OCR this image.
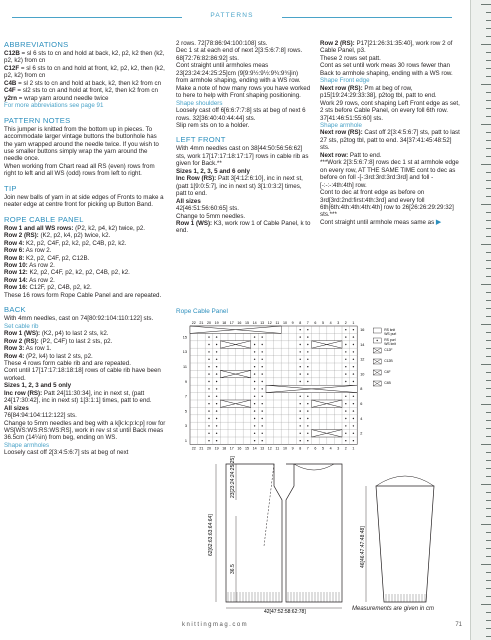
PATTERNS
ABBREVIATIONS

C12B = sl 6 sts to cn and hold at back, k2, p2, k2 then (k2, p2, k2) from cn

C12F = sl 6 sts to cn and hold at front, k2, p2, k2, then (k2, p2, k2) from cn

C4B = sl 2 sts to cn and hold at back, k2, then k2 from cn

C4F = sl2 sts to cn and hold at front, k2, then k2 from cn

y2rn = wrap yarn around needle twice

For more abbreviations see page 91

PATTERN NOTES

This jumper is knitted from the bottom up in pieces. To accommodate larger vintage buttons the buttonhole has the yarn wrapped around the needle twice. If you wish to use smaller buttons simply wrap the yarn around the needle once.

When working from Chart read all RS (even) rows from right to left and all WS (odd) rows from left to right.

TIP

Join new balls of yarn in at side edges of Fronts to make a neater edge at centre front for picking up Button Band.

ROPE CABLE PANEL

Row 1 and all WS rows: (P2, k2, p4, k2) twice, p2.

Row 2 (RS): (K2, p2, k4, p2) twice, k2.

Row 4: K2, p2, C4F, p2, k2, p2, C4B, p2, k2.

Row 6: As row 2.

Row 8: K2, p2, C4F, p2, C12B.

Row 10: As row 2.

Row 12: K2, p2, C4F, p2, k2, p2, C4B, p2, k2.

Row 14: As row 2.

Row 16: C12F, p2, C4B, p2, k2.

These 16 rows form Rope Cable Panel and are repeated.

BACK

With 4mm needles, cast on 74[80:92:104:110:122] sts.

Set cable rib

Row 1 (WS): (K2, p4) to last 2 sts, k2.

Row 2 (RS): (P2, C4F) to last 2 sts, p2.

Row 3: As row 1.

Row 4: (P2, k4) to last 2 sts, p2.

These 4 rows form cable rib and are repeated.

Cont until 17[17:17:18:18:18] rows of cable rib have been worked.

Sizes 1, 2, 3 and 5 only

Inc row (RS): Patt 24[11:30:34], inc in next st, (patt 24[17:30:42], inc in next st) 1[3:1:1] times, patt to end.

All sizes

76[84:94:104:112:122] sts.

Change to 5mm needles and beg with a k[k:k:p:k:p] row for WS[WS:WS:RS:WS:RS], work in rev st st until Back meas 36.5cm (14¼in) from beg, ending on WS.

Shape armholes

Loosely cast off 2[3:4:5:6:7] sts at beg of next

2 rows. 72[78:86:94:100:108] sts.

Dec 1 st at each end of next 2[3:5:6:7:8] rows. 68[72:76:82:86:92] sts.

Cont straight until armholes meas 23[23:24:24:25:25]cm (9[9:9½:9½:9¾:9¾]in) from armhole shaping, ending with a WS row. Make a note of how many rows you have worked to here to help with Front shaping positioning.

Shape shoulders

Loosely cast off 6[6:6:7:7:8] sts at beg of next 6 rows. 32[36:40:40:44:44] sts.

Slip rem sts on to a holder.

LEFT FRONT

With 4mm needles cast on 38[44:50:56:56:62] sts, work 17[17:17:18:17:17] rows in cable rib as given for Back.**

Sizes 1, 2, 3, 5 and 6 only

Inc Row (RS): Patt 3[4:12:6:10], inc in next st, (patt 1[9:0:5:7], inc in next st) 3[1:0:3:2] times, patt to end.

All sizes

42[46:51:56:60:65] sts.

Change to 5mm needles.

Row 1 (WS): K3, work row 1 of Cable Panel, k to end.

Row 2 (RS): P17[21:26:31:35:40], work row 2 of Cable Panel, p3.

These 2 rows set patt.

Cont as set until work meas 30 rows fewer than Back to armhole shaping, ending with a WS row.

Shape Front edge

Next row (RS): Pm at beg of row, p15[19:24:29:33:38], p2tog tbl, patt to end.

Work 29 rows, cont shaping Left Front edge as set, 2 sts before Cable Panel, on every foll 6th row. 37[41:46:51:55:60] sts.

Shape armhole

Next row (RS): Cast off 2[3:4:5:6:7] sts, patt to last 27 sts, p2tog tbl, patt to end. 34[37:41:45:48:52] sts.

Next row: Patt to end.

***Work 2[3:5:6:7:8] rows dec 1 st at armhole edge on every row, AT THE SAME TIME cont to dec as before on foll -[-:3rd:3rd:3rd:3rd] and foll -[-:-:-:4th:4th] row.

Cont to dec at front edge as before on 3rd[3rd:2nd:first:4th:3rd] and every foll 6th[6th:4th:4th:4th:4th] row to 26[26:26:29:29:32] sts.***

Cont straight until armhole meas same as ▶

Rope Cable Panel
22
22
21
21
20
20
19
19
18
18
17
17
16
16
15
15
14
14
13
13
12
12
11
11
10
10
9
9
8
8
7
7
6
6
5
5
4
4
3
3
2
2
1
1
15
13
11
9
7
5
3
1
16
14
12
10
8
6
4
2
RS knit
WS purl
RS purl
WS knit
C12F
C12B
C4F
C4B
62[62:63:63:64:64]
23[23:24:24:25:25]
36.5
46[46:47:47:48:48]
42[47:52:58:62:78]	Measurements are given in cm
knittingmag.com	71
